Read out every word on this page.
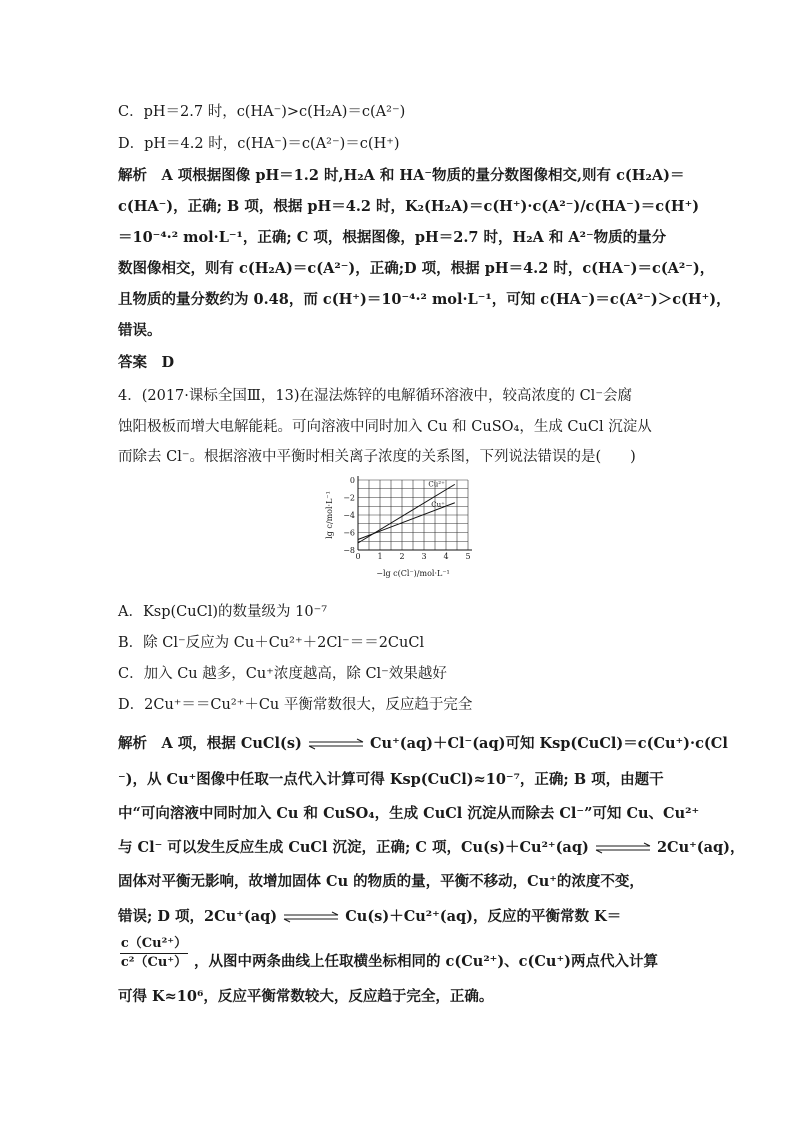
C．pH＝2.7 时，c(HA⁻)>c(H₂A)＝c(A²⁻)
D．pH＝4.2 时，c(HA⁻)＝c(A²⁻)＝c(H⁺)
解析　A 项根据图像 pH＝1.2 时,H₂A 和 HA⁻物质的量分数图像相交,则有 c(H₂A)＝
c(HA⁻)，正确; B 项，根据 pH＝4.2 时，K₂(H₂A)＝c(H⁺)·c(A²⁻)/c(HA⁻)＝c(H⁺)
＝10⁻⁴·² mol·L⁻¹，正确; C 项，根据图像，pH＝2.7 时，H₂A 和 A²⁻物质的量分
数图像相交，则有 c(H₂A)＝c(A²⁻)，正确;D 项，根据 pH＝4.2 时，c(HA⁻)＝c(A²⁻)，
且物质的量分数约为 0.48，而 c(H⁺)＝10⁻⁴·² mol·L⁻¹，可知 c(HA⁻)＝c(A²⁻)＞c(H⁺)，
错误。
答案　D
4．(2017·课标全国Ⅲ，13)在湿法炼锌的电解循环溶液中，较高浓度的 Cl⁻会腐
蚀阳极板而增大电解能耗。可向溶液中同时加入 Cu 和 CuSO₄，生成 CuCl 沉淀从
而除去 Cl⁻。根据溶液中平衡时相关离子浓度的关系图，下列说法错误的是(　　)
0 1 2 3 4 5
0
−2
−4
−6
−8
Cu²⁺
Cu⁺
lg c/mol·L⁻¹
−lg c(Cl⁻)/mol·L⁻¹
A．Ksp(CuCl)的数量级为 10⁻⁷
B．除 Cl⁻反应为 Cu＋Cu²⁺＋2Cl⁻＝＝2CuCl
C．加入 Cu 越多，Cu⁺浓度越高，除 Cl⁻效果越好
D．2Cu⁺＝＝Cu²⁺＋Cu 平衡常数很大，反应趋于完全
解析　A 项，根据 CuCl(s) ⇌ Cu⁺(aq)＋Cl⁻(aq)可知 Ksp(CuCl)＝c(Cu⁺)·c(Cl
⁻)，从 Cu⁺图像中任取一点代入计算可得 Ksp(CuCl)≈10⁻⁷，正确; B 项，由题干
中“可向溶液中同时加入 Cu 和 CuSO₄，生成 CuCl 沉淀从而除去 Cl⁻”可知 Cu、Cu²⁺
与 Cl⁻ 可以发生反应生成 CuCl 沉淀，正确; C 项，Cu(s)＋Cu²⁺(aq) ⇌ 2Cu⁺(aq)，
固体对平衡无影响，故增加固体 Cu 的物质的量，平衡不移动，Cu⁺的浓度不变，
错误; D 项，2Cu⁺(aq) ⇌ Cu(s)＋Cu²⁺(aq)，反应的平衡常数 K＝
c（Cu²⁺）
c²（Cu⁺） ，从图中两条曲线上任取横坐标相同的 c(Cu²⁺)、c(Cu⁺)两点代入计算
可得 K≈10⁶，反应平衡常数较大，反应趋于完全，正确。
